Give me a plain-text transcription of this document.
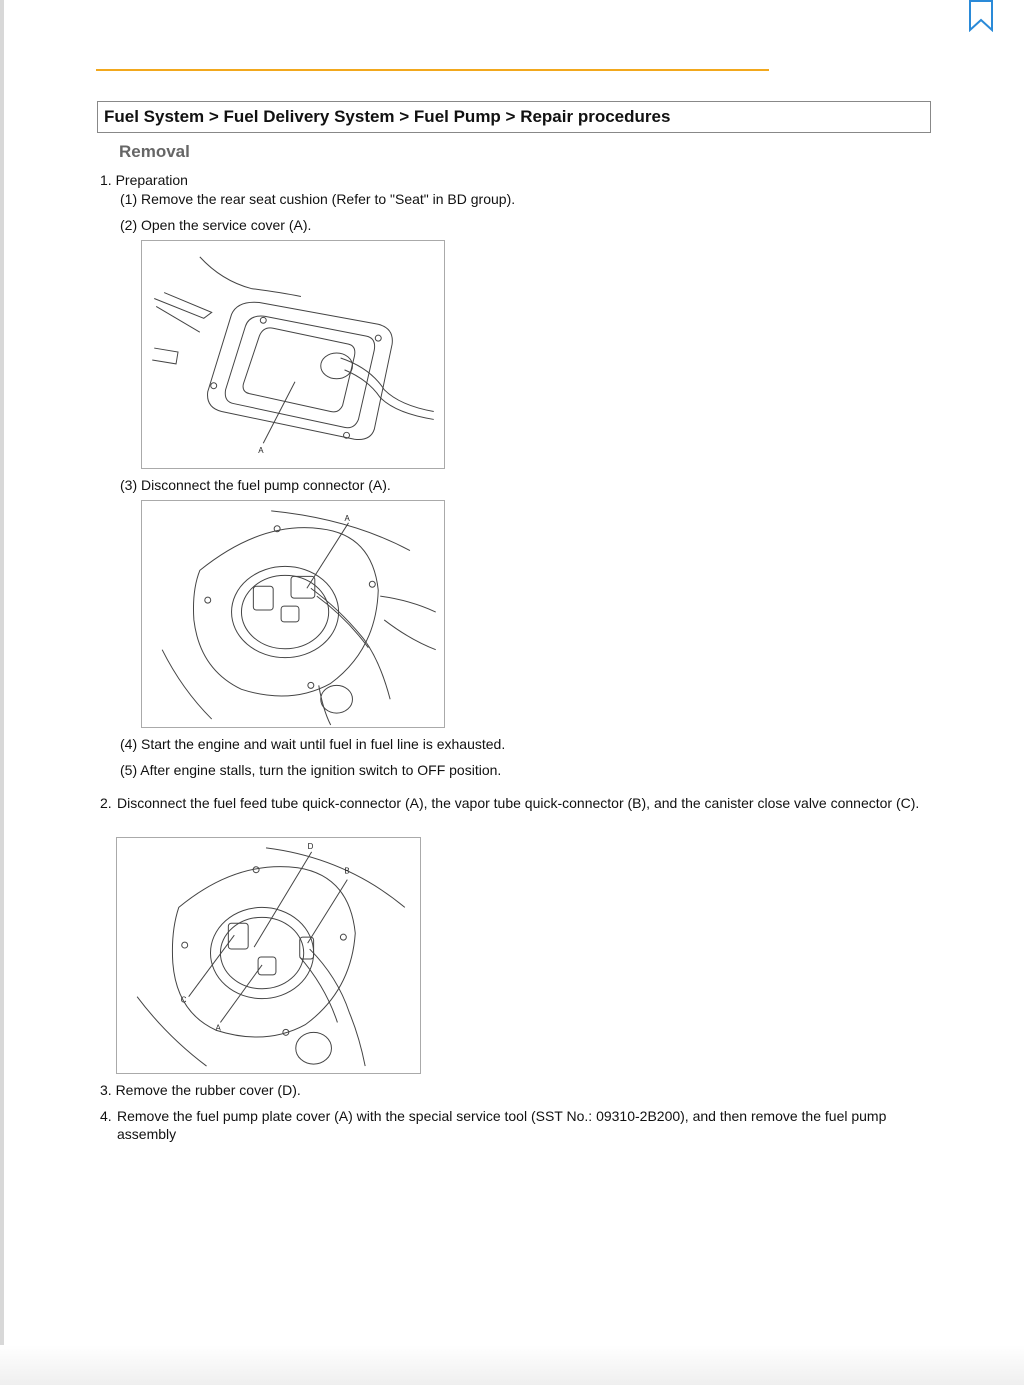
Fuel System > Fuel Delivery System > Fuel Pump > Repair procedures
Removal
1. Preparation
(1) Remove the rear seat cushion (Refer to "Seat" in BD group).
(2) Open the service cover (A).
A
(3) Disconnect the fuel pump connector (A).
A
(4) Start the engine and wait until fuel in fuel line is exhausted.
(5) After engine stalls, turn the ignition switch to OFF position.
2. Disconnect the fuel feed tube quick-connector (A), the vapor tube quick-connector (B), and the canister close valve connector (C).
D
B
C
A
3. Remove the rubber cover (D).
4. Remove the fuel pump plate cover (A) with the special service tool (SST No.: 09310-2B200), and then remove the fuel pump assembly
